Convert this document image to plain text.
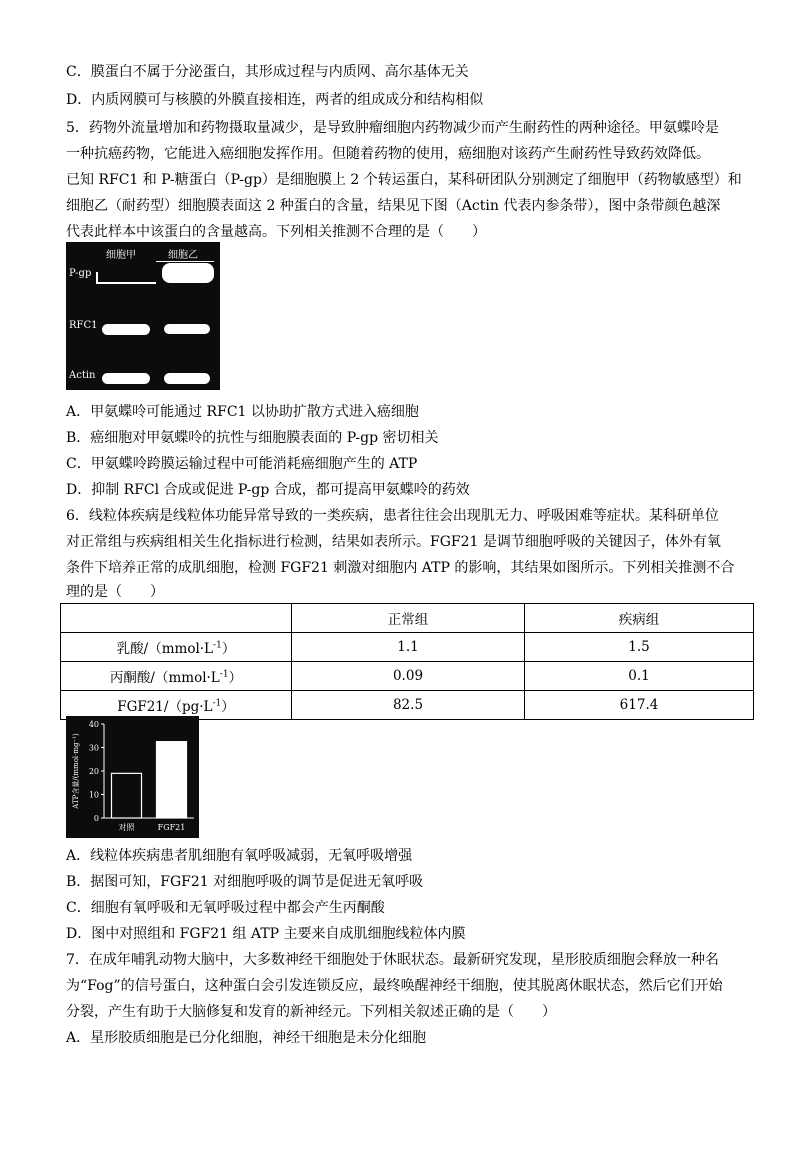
C．膜蛋白不属于分泌蛋白，其形成过程与内质网、高尔基体无关
D．内质网膜可与核膜的外膜直接相连，两者的组成成分和结构相似
5．药物外流量增加和药物摄取量减少，是导致肿瘤细胞内药物减少而产生耐药性的两种途径。甲氨蝶呤是
一种抗癌药物，它能进入癌细胞发挥作用。但随着药物的使用，癌细胞对该药产生耐药性导致药效降低。
已知 RFC1 和 P-糖蛋白（P-gp）是细胞膜上 2 个转运蛋白，某科研团队分别测定了细胞甲（药物敏感型）和
细胞乙（耐药型）细胞膜表面这 2 种蛋白的含量，结果见下图（Actin 代表内参条带），图中条带颜色越深
代表此样本中该蛋白的含量越高。下列相关推测不合理的是（　　）
细胞甲	细胞乙
P-gp
RFC1
Actin
A．甲氨蝶呤可能通过 RFC1 以协助扩散方式进入癌细胞
B．癌细胞对甲氨蝶呤的抗性与细胞膜表面的 P-gp 密切相关
C．甲氨蝶呤跨膜运输过程中可能消耗癌细胞产生的 ATP
D．抑制 RFCl 合成或促进 P-gp 合成，都可提高甲氨蝶呤的药效
6．线粒体疾病是线粒体功能异常导致的一类疾病，患者往往会出现肌无力、呼吸困难等症状。某科研单位
对正常组与疾病组相关生化指标进行检测，结果如表所示。FGF21 是调节细胞呼吸的关键因子，体外有氧
条件下培养正常的成肌细胞，检测 FGF21 刺激对细胞内 ATP 的影响，其结果如图所示。下列相关推测不合
理的是（　　）
	正常组	疾病组
乳酸$/(mmol\cdot L^{-1})$	1.1	1.5
丙酮酸$/(mmol\cdot L^{-1})$	0.09	0.1
$FGF21/(pg\cdot L^{-1})$	82.5	617.4
0
10
20
30
40
ATP含量/(mmol·mg⁻¹)
对照	FGF21
A．线粒体疾病患者肌细胞有氧呼吸减弱，无氧呼吸增强
B．据图可知，FGF21 对细胞呼吸的调节是促进无氧呼吸
C．细胞有氧呼吸和无氧呼吸过程中都会产生丙酮酸
D．图中对照组和 FGF21 组 ATP 主要来自成肌细胞线粒体内膜
7．在成年哺乳动物大脑中，大多数神经干细胞处于休眠状态。最新研究发现，星形胶质细胞会释放一种名
为“Fog”的信号蛋白，这种蛋白会引发连锁反应，最终唤醒神经干细胞，使其脱离休眠状态，然后它们开始
分裂，产生有助于大脑修复和发育的新神经元。下列相关叙述正确的是（　　）
A．星形胶质细胞是已分化细胞，神经干细胞是未分化细胞
